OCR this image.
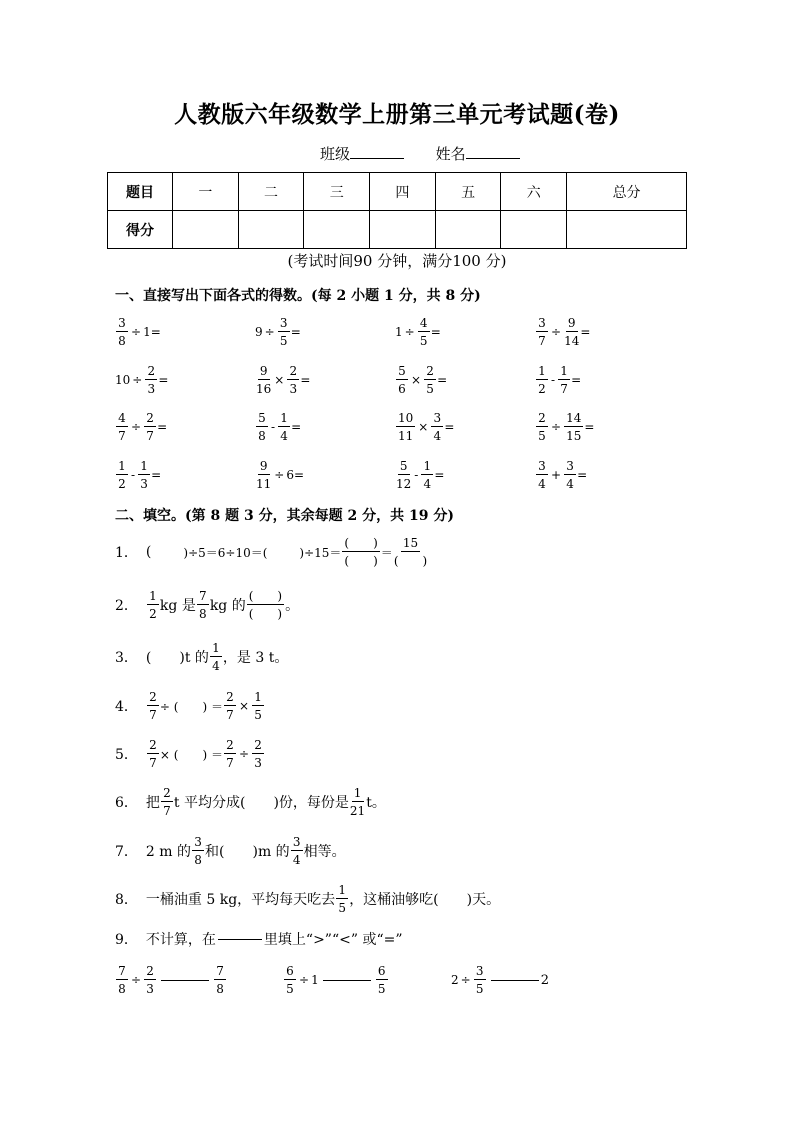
人教版六年级数学上册第三单元考试题(卷)
班级	姓名
题目	一	二	三	四	五	六	总分
得分							
(考试时间90 分钟，满分100 分)
一、直接写出下面各式的得数。(每 2 小题 1 分，共 8 分)
$\frac{3}{8} \div 1=$	$9 \div \frac{3}{5}$ =	$1 \div \frac{4}{5}$ =	$\frac{3}{7} \div \frac{9}{14}$ =
$10 \div \frac{2}{3}$ =	$\frac{9}{16} \times \frac{2}{3}$ =	$\frac{5}{6} \times \frac{2}{5}$ =	$\frac{1}{2} - \frac{1}{7}$ =
$\frac{4}{7} \div \frac{2}{7}$ =	$\frac{5}{8} - \frac{1}{4}$ =	$\frac{10}{11} \times \frac{3}{4}$ =	$\frac{2}{5} \div \frac{14}{15}$ =
$\frac{1}{2} - \frac{1}{3}$ =	$\frac{9}{11} \div 6=$	$\frac{5}{12} - \frac{1}{4}$ =	$\frac{3}{4} + \frac{3}{4}$ =
二、填空。(第 8 题 3 分，其余每题 2 分，共 19 分)
1． (	)÷5＝6÷10＝(	)$\div 15= \frac{( )}{( )} = \frac{15}{( )}$
2． $\frac{1}{2}$ kg 是 $\frac{7}{8}$ kg 的 $\frac{( )}{( )}$ 。
3． (　　)t 的 $\frac{1}{4}$ ，是 3 t。
4． $\frac{2}{7}$ ÷ (　　) ＝ $\frac{2}{7} \times \frac{1}{5}$
5． $\frac{2}{7}$ × (　　) ＝ $\frac{2}{7} \div \frac{2}{3}$
6． 把 $\frac{2}{7}$ t 平均分成(　　)份，每份是 $\frac{1}{21}$ t。
7． 2 m 的 $\frac{3}{8}$ 和(　　)m 的 $\frac{3}{4}$ 相等。
8． 一桶油重 5 kg，平均每天吃去 $\frac{1}{5}$ ，这桶油够吃(　　)天。
9． 不计算，在	里填上“>”“<” 或“=”
$\frac{7}{8} \div \frac{2}{3}$	$\frac{7}{8}$	$\frac{6}{5} \div 1$	$\frac{6}{5}$	$2 \div \frac{3}{5}$	2
